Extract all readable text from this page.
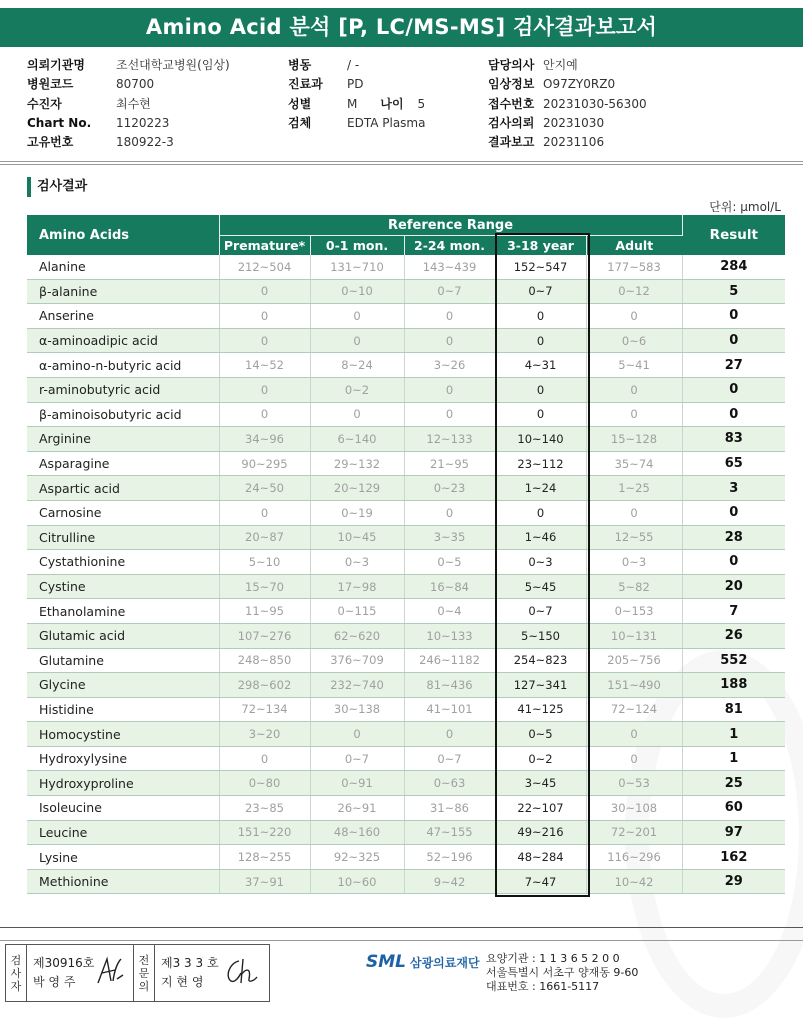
Amino Acid 분석 [P, LC/MS-MS] 검사결과보고서
의뢰기관명	조선대학교병원(임상)
병원코드	80700
수진자	최수현
Chart No.	1120223
고유번호	180922-3
병동	/ -
진료과	PD
성별	M 나이 5
검체	EDTA Plasma
담당의사 안지예
임상정보 O97ZY0RZ0
접수번호 20231030-56300
검사의뢰 20231030
결과보고 20231106
검사결과
단위: μmol/L
Amino Acids	Reference Range					Result
	Premature*	0-1 mon.	2-24 mon.	3-18 year	Adult	
Alanine	212~504	131~710	143~439	152~547	177~583	284
β-alanine	0	0~10	0~7	0~7	0~12	5
Anserine	0	0	0	0	0	0
α-aminoadipic acid	0	0	0	0	0~6	0
α-amino-n-butyric acid	14~52	8~24	3~26	4~31	5~41	27
r-aminobutyric acid	0	0~2	0	0	0	0
β-aminoisobutyric acid	0	0	0	0	0	0
Arginine	34~96	6~140	12~133	10~140	15~128	83
Asparagine	90~295	29~132	21~95	23~112	35~74	65
Aspartic acid	24~50	20~129	0~23	1~24	1~25	3
Carnosine	0	0~19	0	0	0	0
Citrulline	20~87	10~45	3~35	1~46	12~55	28
Cystathionine	5~10	0~3	0~5	0~3	0~3	0
Cystine	15~70	17~98	16~84	5~45	5~82	20
Ethanolamine	11~95	0~115	0~4	0~7	0~153	7
Glutamic acid	107~276	62~620	10~133	5~150	10~131	26
Glutamine	248~850	376~709	246~1182	254~823	205~756	552
Glycine	298~602	232~740	81~436	127~341	151~490	188
Histidine	72~134	30~138	41~101	41~125	72~124	81
Homocystine	3~20	0	0	0~5	0	1
Hydroxylysine	0	0~7	0~7	0~2	0	1
Hydroxyproline	0~80	0~91	0~63	3~45	0~53	25
Isoleucine	23~85	26~91	31~86	22~107	30~108	60
Leucine	151~220	48~160	47~155	49~216	72~201	97
Lysine	128~255	92~325	52~196	48~284	116~296	162
Methionine	37~91	10~60	9~42	7~47	10~42	29
검
사
자
제30916호
박 영 주
전
문
의
제3 3 3 호
지 현 영
SML 삼광의료재단 요양기관 : 1 1 3 6 5 2 0 0
서울특별시 서초구 양재동 9-60
대표번호 : 1661-5117
